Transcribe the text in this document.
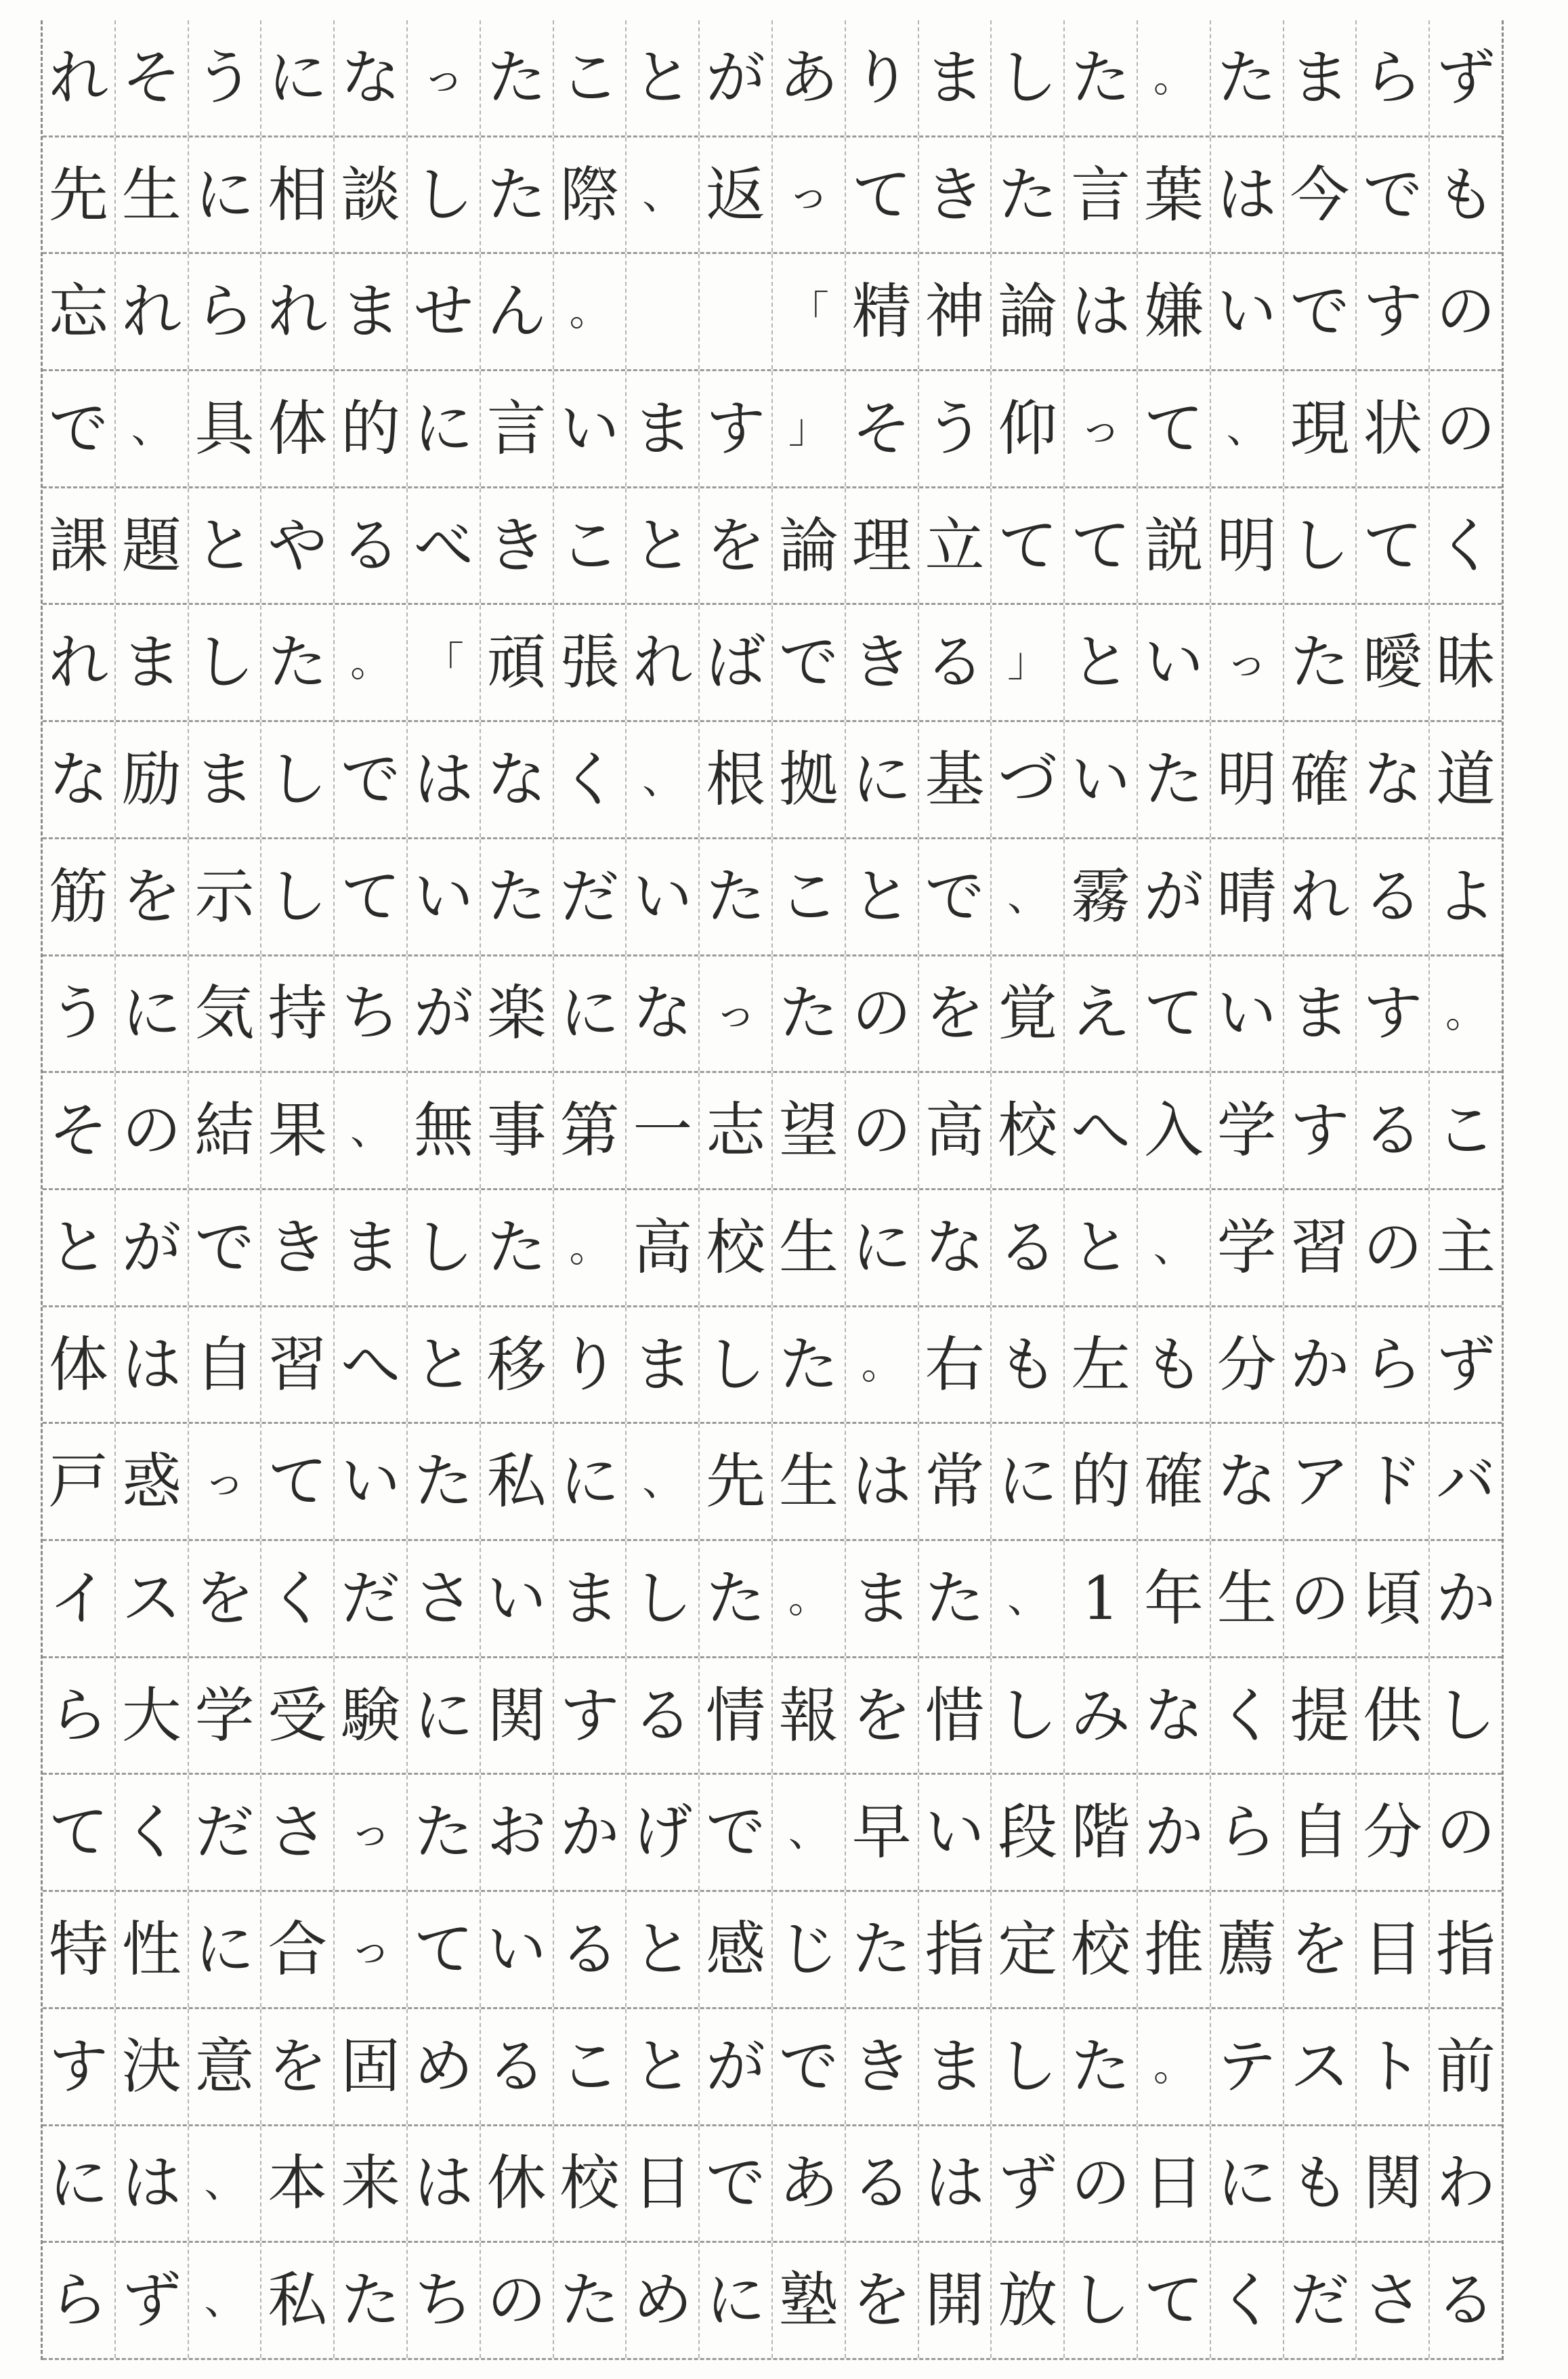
れ そ う に な っ た こ と が あ り ま し た 。 た ま ら ず
先 生 に 相 談 し た 際 、 返 っ て き た 言 葉 は 今 で も
忘 れ ら れ ま せ ん 。

　	「 精 神 論 は 嫌 い で す の
で 、 具 体 的 に 言 い ま す 」 そ う 仰 っ て 、 現 状 の
課 題 と や る べ き こ と を 論 理 立 て て 説 明 し て く
れ ま し た 。 「 頑 張 れ ば で き る 」 と い っ た 曖 昧
な 励 ま し で は な く 、 根 拠 に 基 づ い た 明 確 な 道
筋 を 示 し て い た だ い た こ と で 、 霧 が 晴 れ る よ
う に 気 持 ち が 楽 に な っ た の を 覚 え て い ま す 。
そ の 結 果 、 無 事 第 一 志 望 の 高 校 へ 入 学 す る こ
と が で き ま し た 。 高 校 生 に な る と 、 学 習 の 主
体 は 自 習 へ と 移 り ま し た 。 右 も 左 も 分 か ら ず
戸 惑 っ て い た 私 に 、 先 生 は 常 に 的 確 な ア ド バ
イ ス を く だ さ い ま し た 。 ま た 、 1 年 生 の 頃 か
ら 大 学 受 験 に 関 す る 情 報 を 惜 し み な く 提 供 し
て く だ さ っ た お か げ で 、 早 い 段 階 か ら 自 分 の
特 性 に 合 っ て い る と 感 じ た 指 定 校 推 薦 を 目 指
す 決 意 を 固 め る こ と が で き ま し た 。 テ ス ト 前
に は 、 本 来 は 休 校 日 で あ る は ず の 日 に も 関 わ
ら ず 、 私 た ち の た め に 塾 を 開 放 し て く だ さ る
